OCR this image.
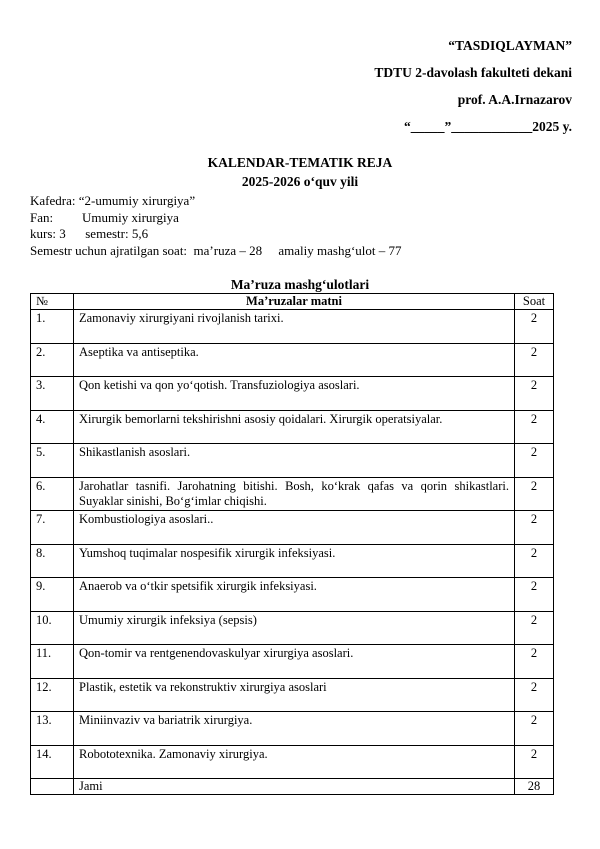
“TASDIQLAYMAN”
TDTU 2-davolash fakulteti dekani
prof. A.A.Irnazarov
“_____”____________2025 y.
KALENDAR-TEMATIK REJA
2025-2026 o‘quv yili
Kafedra: “2-umumiy xirurgiya”
Fan: Umumiy xirurgiya
kurs: 3 semestr: 5,6
Semestr uchun ajratilgan soat: ma’ruza – 28 amaliy mashg‘ulot – 77
Ma’ruza mashg‘ulotlari
№	Ma’ruzalar matni	Soat
1.	Zamonaviy xirurgiyani rivojlanish tarixi.	2
2.	Aseptika va antiseptika.	2
3.	Qon ketishi va qon yo‘qotish. Transfuziologiya asoslari.	2
4.	Xirurgik bemorlarni tekshirishni asosiy qoidalari. Xirurgik operatsiyalar.	2
5.	Shikastlanish asoslari.	2
6.	Jarohatlar tasnifi. Jarohatning bitishi. Bosh, ko‘krak qafas va qorin shikastlari. Suyaklar sinishi, Bo‘g‘imlar chiqishi.	2
7.	Kombustiologiya asoslari..	2
8.	Yumshoq tuqimalar nospesifik xirurgik infeksiyasi.	2
9.	Anaerob va o‘tkir spetsifik xirurgik infeksiyasi.	2
10.	Umumiy xirurgik infeksiya (sepsis)	2
11.	Qon-tomir va rentgenendovaskulyar xirurgiya asoslari.	2
12.	Plastik, estetik va rekonstruktiv xirurgiya asoslari	2
13.	Miniinvaziv va bariatrik xirurgiya.	2
14.	Robototexnika. Zamonaviy xirurgiya.	2
	Jami	28
